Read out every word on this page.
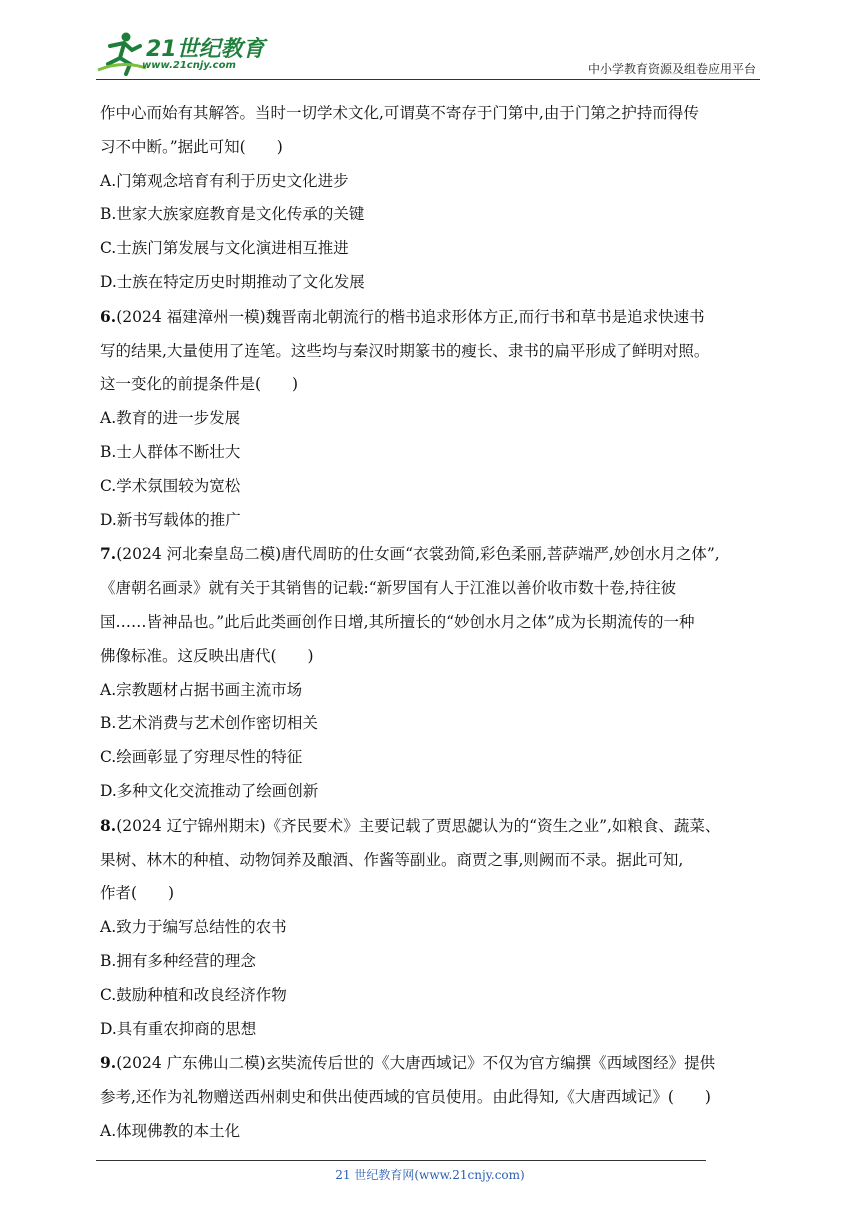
21世纪教育
www.21cnjy.com	中小学教育资源及组卷应用平台

作中心而始有其解答。当时一切学术文化,可谓莫不寄存于门第中,由于门第之护持而得传

习不中断。”据此可知(　　)

A.门第观念培育有利于历史文化进步

B.世家大族家庭教育是文化传承的关键

C.士族门第发展与文化演进相互推进

D.士族在特定历史时期推动了文化发展

6.(2024 福建漳州一模)魏晋南北朝流行的楷书追求形体方正,而行书和草书是追求快速书

写的结果,大量使用了连笔。这些均与秦汉时期篆书的瘦长、隶书的扁平形成了鲜明对照。

这一变化的前提条件是(　　)

A.教育的进一步发展

B.士人群体不断壮大

C.学术氛围较为宽松

D.新书写载体的推广

7.(2024 河北秦皇岛二模)唐代周昉的仕女画“衣裳劲简,彩色柔丽,菩萨端严,妙创水月之体”,

《唐朝名画录》就有关于其销售的记载:“新罗国有人于江淮以善价收市数十卷,持往彼

国……皆神品也。”此后此类画创作日增,其所擅长的“妙创水月之体”成为长期流传的一种

佛像标准。这反映出唐代(　　)

A.宗教题材占据书画主流市场

B.艺术消费与艺术创作密切相关

C.绘画彰显了穷理尽性的特征

D.多种文化交流推动了绘画创新

8.(2024 辽宁锦州期末)《齐民要术》主要记载了贾思勰认为的“资生之业”,如粮食、蔬菜、

果树、林木的种植、动物饲养及酿酒、作酱等副业。商贾之事,则阙而不录。据此可知,

作者(　　)

A.致力于编写总结性的农书

B.拥有多种经营的理念

C.鼓励种植和改良经济作物

D.具有重农抑商的思想

9.(2024 广东佛山二模)玄奘流传后世的《大唐西域记》不仅为官方编撰《西域图经》提供

参考,还作为礼物赠送西州刺史和供出使西域的官员使用。由此得知,《大唐西域记》(　　)

A.体现佛教的本土化

21 世纪教育网(www.21cnjy.com)
